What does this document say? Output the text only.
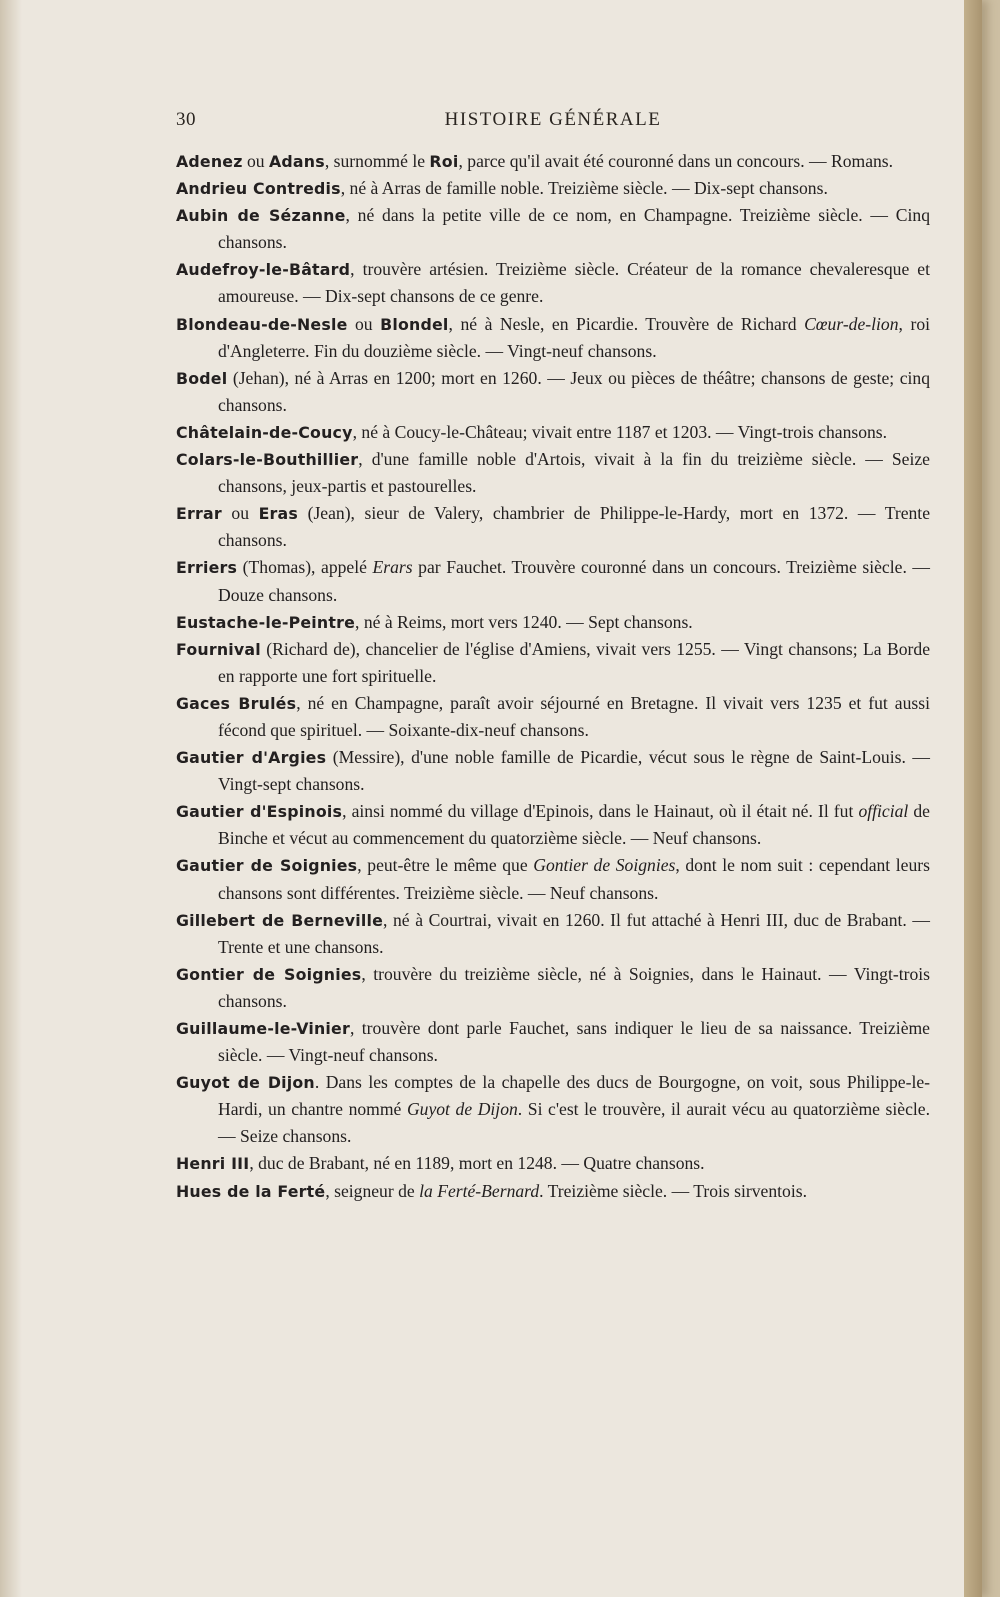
30	HISTOIRE GÉNÉRALE
Adenez ou Adans, surnommé le Roi, parce qu'il avait été couronné dans un concours. — Romans.
Andrieu Contredis, né à Arras de famille noble. Treizième siècle. — Dix-sept chansons.
Aubin de Sézanne, né dans la petite ville de ce nom, en Champagne. Treizième siècle. — Cinq chansons.
Audefroy-le-Bâtard, trouvère artésien. Treizième siècle. Créateur de la romance chevaleresque et amoureuse. — Dix-sept chansons de ce genre.
Blondeau-de-Nesle ou Blondel, né à Nesle, en Picardie. Trouvère de Richard Cœur-de-lion, roi d'Angleterre. Fin du douzième siècle. — Vingt-neuf chansons.
Bodel (Jehan), né à Arras en 1200; mort en 1260. — Jeux ou pièces de théâtre; chansons de geste; cinq chansons.
Châtelain-de-Coucy, né à Coucy-le-Château; vivait entre 1187 et 1203. — Vingt-trois chansons.
Colars-le-Bouthillier, d'une famille noble d'Artois, vivait à la fin du treizième siècle. — Seize chansons, jeux-partis et pastourelles.
Errar ou Eras (Jean), sieur de Valery, chambrier de Philippe-le-Hardy, mort en 1372. — Trente chansons.
Erriers (Thomas), appelé Erars par Fauchet. Trouvère couronné dans un concours. Treizième siècle. — Douze chansons.
Eustache-le-Peintre, né à Reims, mort vers 1240. — Sept chansons.
Fournival (Richard de), chancelier de l'église d'Amiens, vivait vers 1255. — Vingt chansons; La Borde en rapporte une fort spirituelle.
Gaces Brulés, né en Champagne, paraît avoir séjourné en Bretagne. Il vivait vers 1235 et fut aussi fécond que spirituel. — Soixante-dix-neuf chansons.
Gautier d'Argies (Messire), d'une noble famille de Picardie, vécut sous le règne de Saint-Louis. — Vingt-sept chansons.
Gautier d'Espinois, ainsi nommé du village d'Epinois, dans le Hainaut, où il était né. Il fut official de Binche et vécut au commencement du quatorzième siècle. — Neuf chansons.
Gautier de Soignies, peut-être le même que Gontier de Soignies, dont le nom suit : cependant leurs chansons sont différentes. Treizième siècle. — Neuf chansons.
Gillebert de Berneville, né à Courtrai, vivait en 1260. Il fut attaché à Henri III, duc de Brabant. — Trente et une chansons.
Gontier de Soignies, trouvère du treizième siècle, né à Soignies, dans le Hainaut. — Vingt-trois chansons.
Guillaume-le-Vinier, trouvère dont parle Fauchet, sans indiquer le lieu de sa naissance. Treizième siècle. — Vingt-neuf chansons.
Guyot de Dijon. Dans les comptes de la chapelle des ducs de Bourgogne, on voit, sous Philippe-le-Hardi, un chantre nommé Guyot de Dijon. Si c'est le trouvère, il aurait vécu au quatorzième siècle. — Seize chansons.
Henri III, duc de Brabant, né en 1189, mort en 1248. — Quatre chansons.
Hues de la Ferté, seigneur de la Ferté-Bernard. Treizième siècle. — Trois sirventois.
